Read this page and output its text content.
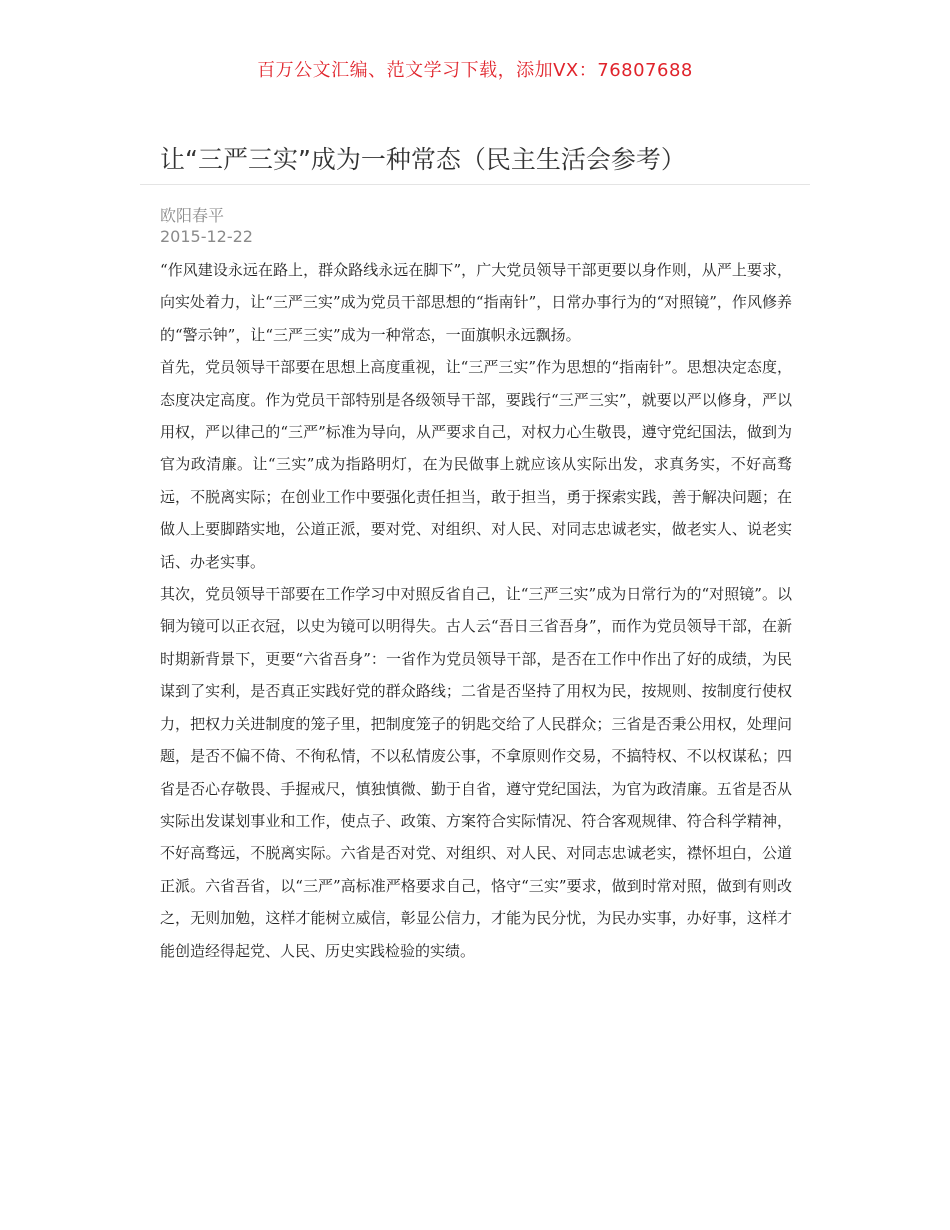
百万公文汇编、范文学习下载，添加VX：76807688
让“三严三实”成为一种常态（民主生活会参考）
欧阳春平
2015-12-22

“作风建设永远在路上，群众路线永远在脚下”，广大党员领导干部更要以身作则，从严上要求，向实处着力，让“三严三实”成为党员干部思想的“指南针”，日常办事行为的“对照镜”，作风修养的“警示钟”，让“三严三实”成为一种常态，一面旗帜永远飘扬。

首先，党员领导干部要在思想上高度重视，让“三严三实”作为思想的“指南针”。思想决定态度，态度决定高度。作为党员干部特别是各级领导干部，要践行“三严三实”，就要以严以修身，严以用权，严以律己的“三严”标准为导向，从严要求自己，对权力心生敬畏，遵守党纪国法，做到为官为政清廉。让“三实”成为指路明灯，在为民做事上就应该从实际出发，求真务实，不好高骛远，不脱离实际；在创业工作中要强化责任担当，敢于担当，勇于探索实践，善于解决问题；在做人上要脚踏实地，公道正派，要对党、对组织、对人民、对同志忠诚老实，做老实人、说老实话、办老实事。

其次，党员领导干部要在工作学习中对照反省自己，让“三严三实”成为日常行为的“对照镜”。以铜为镜可以正衣冠，以史为镜可以明得失。古人云“吾日三省吾身”，而作为党员领导干部，在新时期新背景下，更要“六省吾身”：一省作为党员领导干部，是否在工作中作出了好的成绩，为民谋到了实利，是否真正实践好党的群众路线；二省是否坚持了用权为民，按规则、按制度行使权力，把权力关进制度的笼子里，把制度笼子的钥匙交给了人民群众；三省是否秉公用权，处理问题，是否不偏不倚、不徇私情，不以私情废公事，不拿原则作交易，不搞特权、不以权谋私；四省是否心存敬畏、手握戒尺，慎独慎微、勤于自省，遵守党纪国法，为官为政清廉。五省是否从实际出发谋划事业和工作，使点子、政策、方案符合实际情况、符合客观规律、符合科学精神，不好高骛远，不脱离实际。六省是否对党、对组织、对人民、对同志忠诚老实，襟怀坦白，公道正派。六省吾省，以“三严”高标准严格要求自己，恪守“三实”要求，做到时常对照，做到有则改之，无则加勉，这样才能树立威信，彰显公信力，才能为民分忧，为民办实事，办好事，这样才能创造经得起党、人民、历史实践检验的实绩。
